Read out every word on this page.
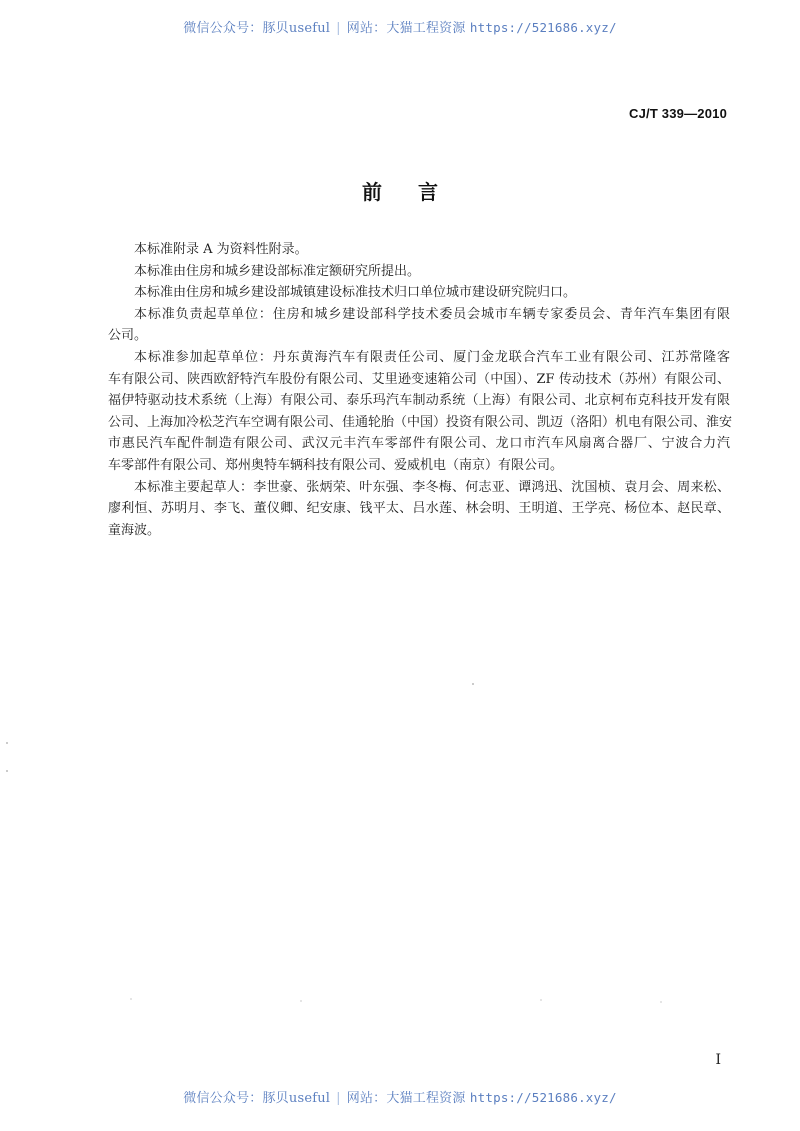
微信公众号：豚贝useful | 网站：大猫工程资源 https://521686.xyz/
CJ/T 339—2010
前 言
本标准附录 A 为资料性附录。
本标准由住房和城乡建设部标准定额研究所提出。
本标准由住房和城乡建设部城镇建设标准技术归口单位城市建设研究院归口。
本标准负责起草单位：住房和城乡建设部科学技术委员会城市车辆专家委员会、青年汽车集团有限
公司。
本标准参加起草单位：丹东黄海汽车有限责任公司、厦门金龙联合汽车工业有限公司、江苏常隆客
车有限公司、陕西欧舒特汽车股份有限公司、艾里逊变速箱公司（中国）、ZF 传动技术（苏州）有限公司、
福伊特驱动技术系统（上海）有限公司、泰乐玛汽车制动系统（上海）有限公司、北京柯布克科技开发有限
公司、上海加冷松芝汽车空调有限公司、佳通轮胎（中国）投资有限公司、凯迈（洛阳）机电有限公司、淮安
市惠民汽车配件制造有限公司、武汉元丰汽车零部件有限公司、龙口市汽车风扇离合器厂、宁波合力汽
车零部件有限公司、郑州奥特车辆科技有限公司、爱威机电（南京）有限公司。
本标准主要起草人：李世豪、张炳荣、叶东强、李冬梅、何志亚、谭鸿迅、沈国桢、袁月会、周来松、
廖利恒、苏明月、李飞、董仪卿、纪安康、钱平太、吕水莲、林会明、王明道、王学亮、杨位本、赵民章、
童海波。
I
微信公众号：豚贝useful | 网站：大猫工程资源 https://521686.xyz/
